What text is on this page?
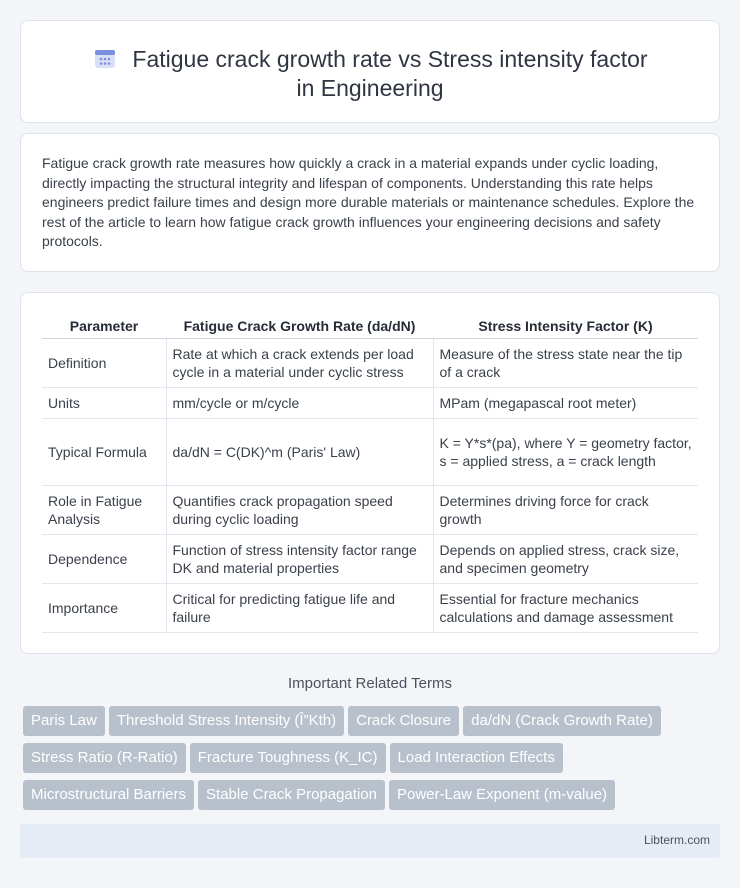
Fatigue crack growth rate vs Stress intensity factor in Engineering

Fatigue crack growth rate measures how quickly a crack in a material expands under cyclic loading, directly impacting the structural integrity and lifespan of components. Understanding this rate helps engineers predict failure times and design more durable materials or maintenance schedules. Explore the rest of the article to learn how fatigue crack growth influences your engineering decisions and safety protocols.

Parameter	Fatigue Crack Growth Rate (da/dN)	Stress Intensity Factor (K)
Definition	Rate at which a crack extends per load cycle in a material under cyclic stress	Measure of the stress state near the tip of a crack
Units	mm/cycle or m/cycle	MPam (megapascal root meter)
Typical Formula	da/dN = C(DK)^m (Paris' Law)	K = Y*s*(pa), where Y = geometry factor, s = applied stress, a = crack length
Role in Fatigue Analysis	Quantifies crack propagation speed during cyclic loading	Determines driving force for crack growth
Dependence	Function of stress intensity factor range DK and material properties	Depends on applied stress, crack size, and specimen geometry
Importance	Critical for predicting fatigue life and failure	Essential for fracture mechanics calculations and damage assessment
Important Related Terms
Paris Law Threshold Stress Intensity (Î”Kth) Crack Closure da/dN (Crack Growth Rate)
Stress Ratio (R-Ratio) Fracture Toughness (K_IC) Load Interaction Effects
Microstructural Barriers Stable Crack Propagation Power-Law Exponent (m-value)
Libterm.com
